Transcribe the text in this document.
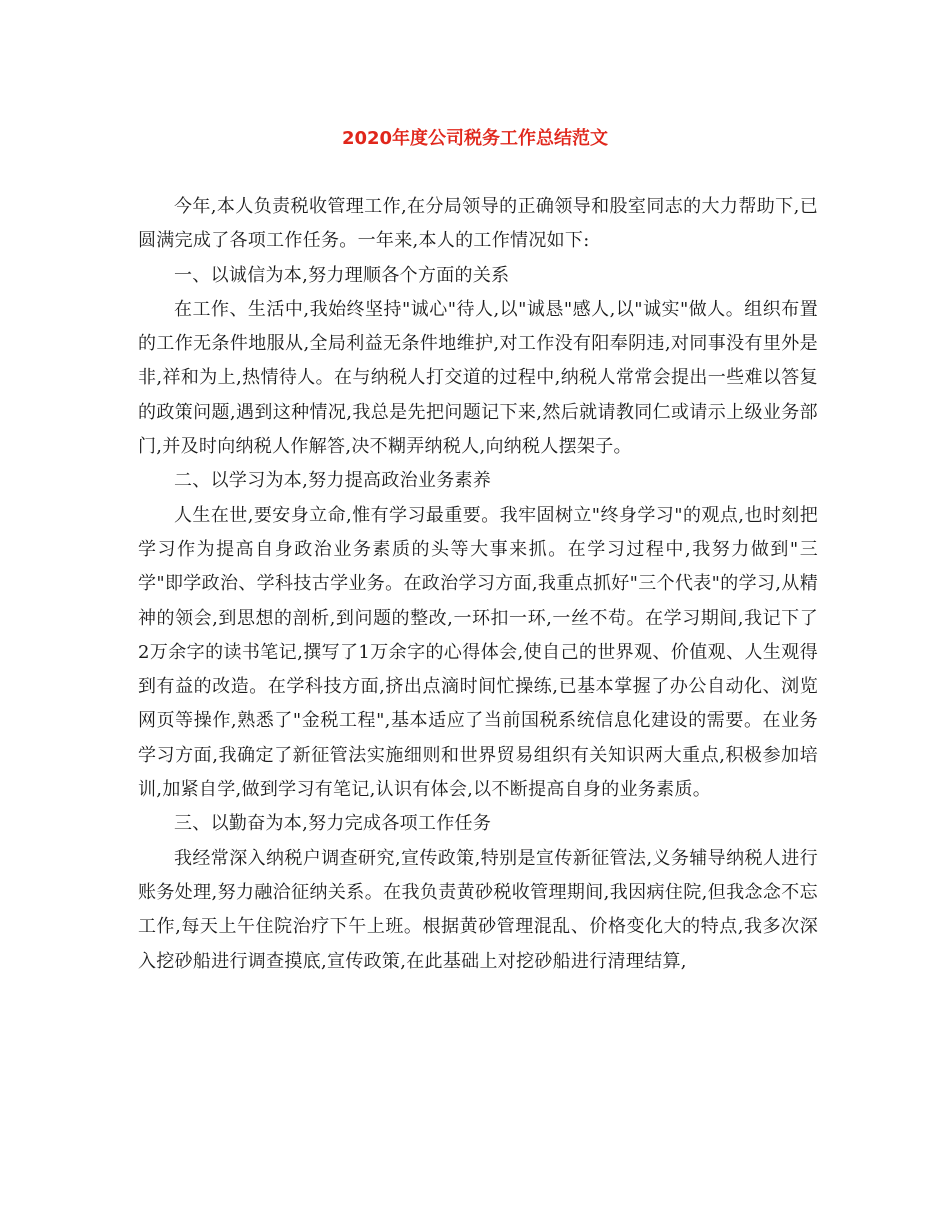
2020年度公司税务工作总结范文

今年,本人负责税收管理工作,在分局领导的正确领导和股室同志的大力帮助下,已圆满完成了各项工作任务。一年来,本人的工作情况如下:

一、以诚信为本,努力理顺各个方面的关系

在工作、生活中,我始终坚持"诚心"待人,以"诚恳"感人,以"诚实"做人。组织布置的工作无条件地服从,全局利益无条件地维护,对工作没有阳奉阴违,对同事没有里外是非,祥和为上,热情待人。在与纳税人打交道的过程中,纳税人常常会提出一些难以答复的政策问题,遇到这种情况,我总是先把问题记下来,然后就请教同仁或请示上级业务部门,并及时向纳税人作解答,决不糊弄纳税人,向纳税人摆架子。

二、以学习为本,努力提高政治业务素养

人生在世,要安身立命,惟有学习最重要。我牢固树立"终身学习"的观点,也时刻把学习作为提高自身政治业务素质的头等大事来抓。在学习过程中,我努力做到"三学"即学政治、学科技古学业务。在政治学习方面,我重点抓好"三个代表"的学习,从精神的领会,到思想的剖析,到问题的整改,一环扣一环,一丝不苟。在学习期间,我记下了2万余字的读书笔记,撰写了1万余字的心得体会,使自己的世界观、价值观、人生观得到有益的改造。在学科技方面,挤出点滴时间忙操练,已基本掌握了办公自动化、浏览网页等操作,熟悉了"金税工程",基本适应了当前国税系统信息化建设的需要。在业务学习方面,我确定了新征管法实施细则和世界贸易组织有关知识两大重点,积极参加培训,加紧自学,做到学习有笔记,认识有体会,以不断提高自身的业务素质。

三、以勤奋为本,努力完成各项工作任务

我经常深入纳税户调查研究,宣传政策,特别是宣传新征管法,义务辅导纳税人进行账务处理,努力融洽征纳关系。在我负责黄砂税收管理期间,我因病住院,但我念念不忘工作,每天上午住院治疗下午上班。根据黄砂管理混乱、价格变化大的特点,我多次深入挖砂船进行调查摸底,宣传政策,在此基础上对挖砂船进行清理结算,
